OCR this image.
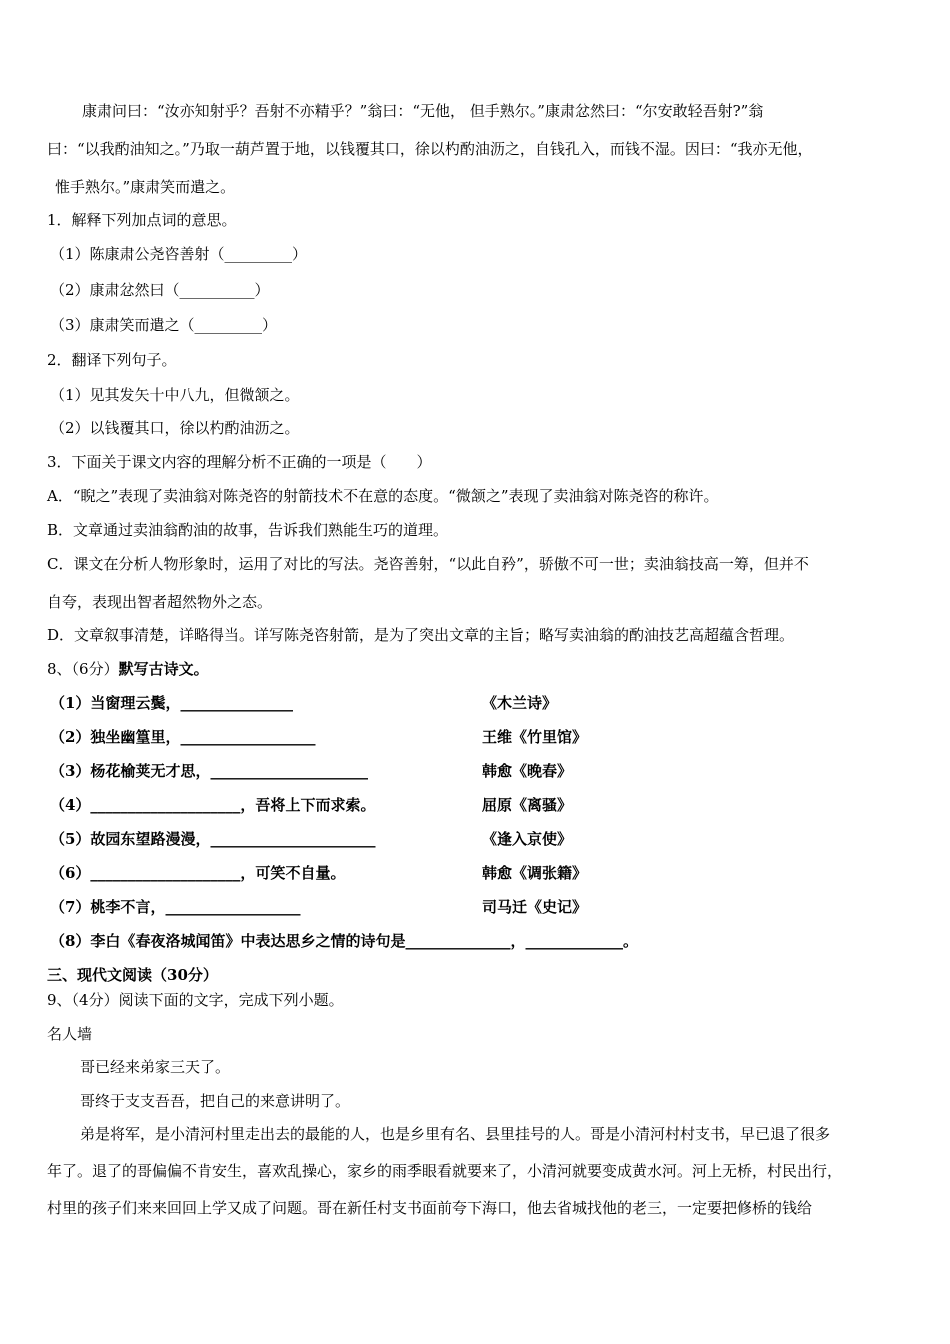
康肃问曰：“汝亦知射乎？吾射不亦精乎？”翁曰：“无他， 但手熟尔。”康肃忿然曰：“尔安敢轻吾射?”翁
曰：“以我酌油知之。”乃取一葫芦置于地，以钱覆其口，徐以杓酌油沥之，自钱孔入，而钱不湿。因曰：“我亦无他，
惟手熟尔。”康肃笑而遣之。
1．解释下列加点词的意思。
（1）陈康肃公尧咨善射（_________）
（2）康肃忿然曰（__________）
（3）康肃笑而遣之（_________）
2．翻译下列句子。
（1）见其发矢十中八九，但微颔之。
（2）以钱覆其口，徐以杓酌油沥之。
3．下面关于课文内容的理解分析不正确的一项是（　　）
A．“睨之”表现了卖油翁对陈尧咨的射箭技术不在意的态度。“微颔之”表现了卖油翁对陈尧咨的称许。
B．文章通过卖油翁酌油的故事，告诉我们熟能生巧的道理。
C．课文在分析人物形象时，运用了对比的写法。尧咨善射，“以此自矜”，骄傲不可一世；卖油翁技高一筹，但并不
自夸，表现出智者超然物外之态。
D．文章叙事清楚，详略得当。详写陈尧咨射箭，是为了突出文章的主旨；略写卖油翁的酌油技艺高超蕴含哲理。
8、（6分）默写古诗文。
（1）当窗理云鬓，_______________	《木兰诗》
（2）独坐幽篁里，__________________	王维《竹里馆》
（3）杨花榆荚无才思，_____________________	韩愈《晚春》
（4）____________________，吾将上下而求索。	屈原《离骚》
（5）故园东望路漫漫，______________________	《逢入京使》
（6）____________________，可笑不自量。	韩愈《调张籍》
（7）桃李不言，__________________	司马迁《史记》
（8）李白《春夜洛城闻笛》中表达思乡之情的诗句是______________，_____________。
三、现代文阅读（30分）
9、（4分）阅读下面的文字，完成下列小题。
名人墙
哥已经来弟家三天了。
哥终于支支吾吾，把自己的来意讲明了。
弟是将军，是小清河村里走出去的最能的人，也是乡里有名、县里挂号的人。哥是小清河村村支书，早已退了很多
年了。退了的哥偏偏不肯安生，喜欢乱操心，家乡的雨季眼看就要来了，小清河就要变成黄水河。河上无桥，村民出行，
村里的孩子们来来回回上学又成了问题。哥在新任村支书面前夸下海口，他去省城找他的老三，一定要把修桥的钱给
